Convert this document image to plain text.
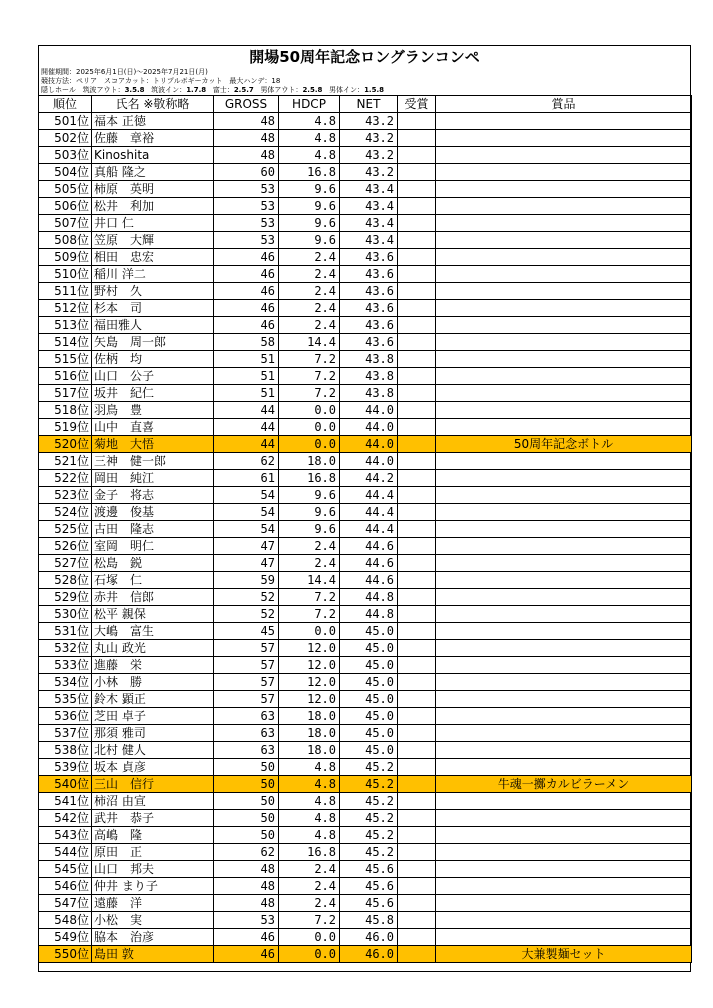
開場50周年記念ロングランコンペ
開催期間：2025年6月1日(日)～2025年7月21日(月)
競技方法：ペリア　スコアカット：トリプルボギーカット　最大ハンデ：18
隠しホール 筑波アウト：3.5.8 筑波イン：1.7.8 富士：2.5.7 男体アウト：2.5.8 男体イン：1.5.8
順位	氏名 ※敬称略	GROSS	HDCP	NET	受賞	賞品
501位	福本 正徳	48	4.8	43.2		
502位	佐藤　章裕	48	4.8	43.2		
503位	Kinoshita	48	4.8	43.2		
504位	真船 隆之	60	16.8	43.2		
505位	柿原　英明	53	9.6	43.4		
506位	松井　利加	53	9.6	43.4		
507位	井口 仁	53	9.6	43.4		
508位	笠原　大輝	53	9.6	43.4		
509位	相田　忠宏	46	2.4	43.6		
510位	稲川 洋二	46	2.4	43.6		
511位	野村　久	46	2.4	43.6		
512位	杉本　司	46	2.4	43.6		
513位	福田雅人	46	2.4	43.6		
514位	矢島　周一郎	58	14.4	43.6		
515位	佐柄　均	51	7.2	43.8		
516位	山口　公子	51	7.2	43.8		
517位	坂井　紀仁	51	7.2	43.8		
518位	羽鳥　豊	44	0.0	44.0		
519位	山中　直喜	44	0.0	44.0		
520位	菊地　大悟	44	0.0	44.0		50周年記念ボトル
521位	三神　健一郎	62	18.0	44.0		
522位	岡田　純江	61	16.8	44.2		
523位	金子　将志	54	9.6	44.4		
524位	渡邊　俊基	54	9.6	44.4		
525位	古田　隆志	54	9.6	44.4		
526位	室岡　明仁	47	2.4	44.6		
527位	松島　鋭	47	2.4	44.6		
528位	石塚　仁	59	14.4	44.6		
529位	赤井　信郎	52	7.2	44.8		
530位	松平 親保	52	7.2	44.8		
531位	大嶋　富生	45	0.0	45.0		
532位	丸山 政光	57	12.0	45.0		
533位	進藤　栄	57	12.0	45.0		
534位	小林　勝	57	12.0	45.0		
535位	鈴木 顕正	57	12.0	45.0		
536位	芝田 卓子	63	18.0	45.0		
537位	那須 雅司	63	18.0	45.0		
538位	北村 健人	63	18.0	45.0		
539位	坂本 貞彦	50	4.8	45.2		
540位	三山　信行	50	4.8	45.2		牛魂一擲カルビラーメン
541位	柿沼 由宣	50	4.8	45.2		
542位	武井　恭子	50	4.8	45.2		
543位	高嶋　隆	50	4.8	45.2		
544位	原田　正	62	16.8	45.2		
545位	山口　邦夫	48	2.4	45.6		
546位	仲井 まり子	48	2.4	45.6		
547位	遠藤　洋	48	2.4	45.6		
548位	小松　実	53	7.2	45.8		
549位	脇本　治彦	46	0.0	46.0		
550位	島田 敦	46	0.0	46.0		大兼製麺セット
